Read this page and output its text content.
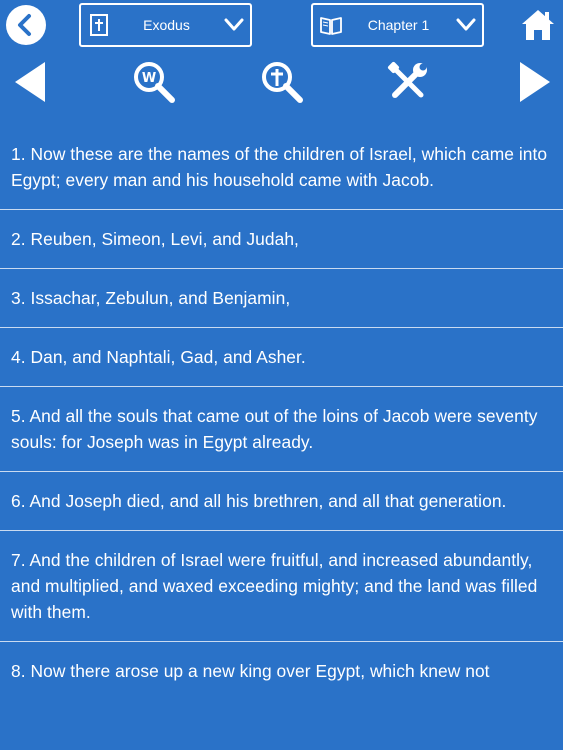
Exodus	Chapter 1
W
1. Now these are the names of the children of Israel, which came into Egypt; every man and his household came with Jacob.
2. Reuben, Simeon, Levi, and Judah,
3. Issachar, Zebulun, and Benjamin,
4. Dan, and Naphtali, Gad, and Asher.
5. And all the souls that came out of the loins of Jacob were seventy souls: for Joseph was in Egypt already.
6. And Joseph died, and all his brethren, and all that generation.
7. And the children of Israel were fruitful, and increased abundantly, and multiplied, and waxed exceeding mighty; and the land was filled with them.
8. Now there arose up a new king over Egypt, which knew not
